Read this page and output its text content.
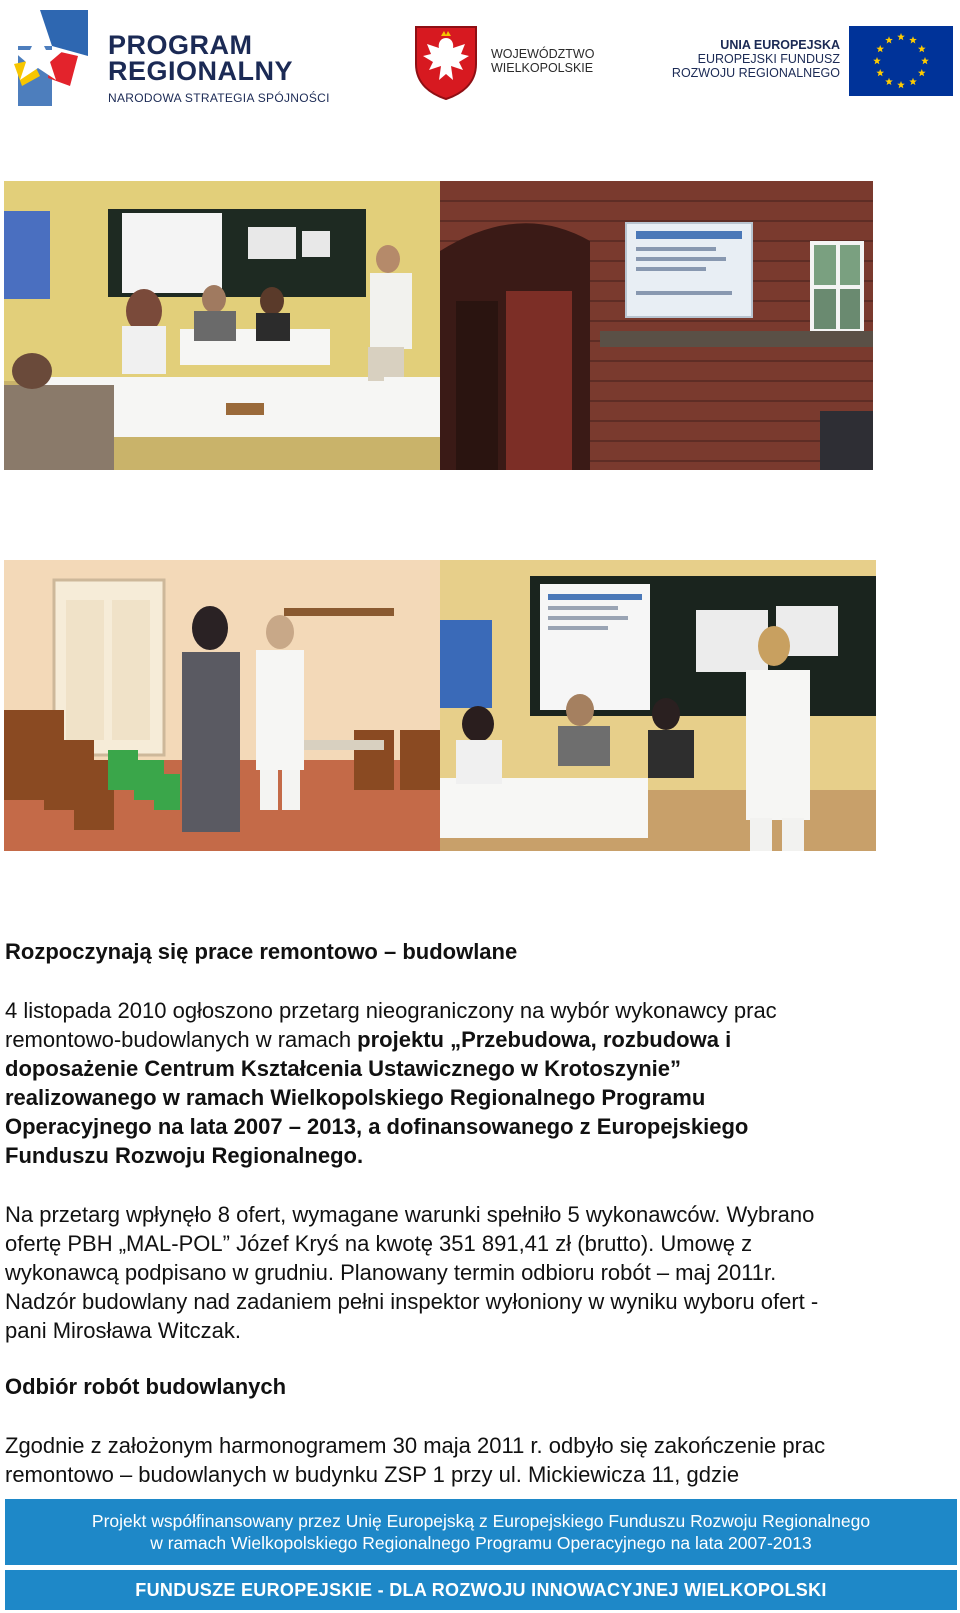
PROGRAM
REGIONALNY
NARODOWA STRATEGIA SPÓJNOŚCI
WOJEWÓDZTWO
WIELKOPOLSKIE
UNIA EUROPEJSKA
EUROPEJSKI FUNDUSZ
ROZWOJU REGIONALNEGO
Rozpoczynają się prace remontowo – budowlane
4 listopada 2010 ogłoszono przetarg nieograniczony na wybór wykonawcy prac
remontowo-budowlanych w ramach projektu „Przebudowa, rozbudowa i
doposażenie Centrum Kształcenia Ustawicznego w Krotoszynie”
realizowanego w ramach Wielkopolskiego Regionalnego Programu
Operacyjnego na lata 2007 – 2013, a dofinansowanego z Europejskiego
Funduszu Rozwoju Regionalnego.
Na przetarg wpłynęło 8 ofert, wymagane warunki spełniło 5 wykonawców. Wybrano
ofertę PBH „MAL-POL” Józef Kryś na kwotę 351 891,41 zł (brutto). Umowę z
wykonawcą podpisano w grudniu. Planowany termin odbioru robót – maj 2011r.
Nadzór budowlany nad zadaniem pełni inspektor wyłoniony w wyniku wyboru ofert -
pani Mirosława Witczak.
Odbiór robót budowlanych
Zgodnie z założonym harmonogramem 30 maja 2011 r. odbyło się zakończenie prac
remontowo – budowlanych w budynku ZSP 1 przy ul. Mickiewicza 11, gdzie
Projekt współfinansowany przez Unię Europejską z Europejskiego Funduszu Rozwoju Regionalnego
w ramach Wielkopolskiego Regionalnego Programu Operacyjnego na lata 2007-2013
FUNDUSZE EUROPEJSKIE - DLA ROZWOJU INNOWACYJNEJ WIELKOPOLSKI
